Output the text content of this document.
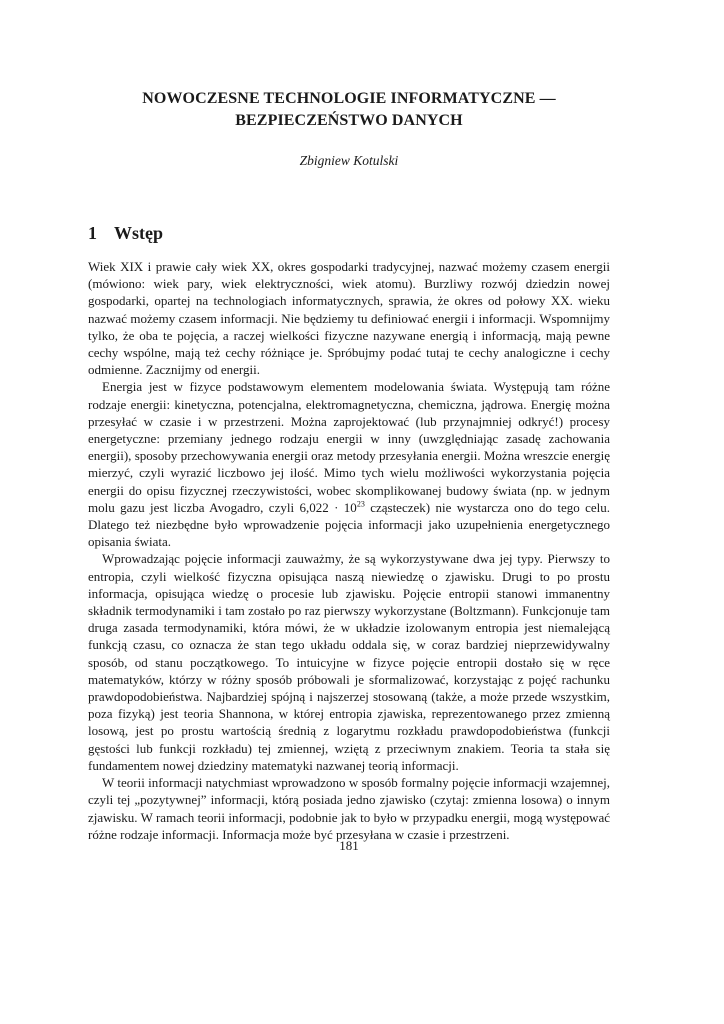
NOWOCZESNE TECHNOLOGIE INFORMATYCZNE —
BEZPIECZEŃSTWO DANYCH
Zbigniew Kotulski
1 Wstęp

Wiek XIX i prawie cały wiek XX, okres gospodarki tradycyjnej, nazwać możemy czasem energii (mówiono: wiek pary, wiek elektryczności, wiek atomu). Burzliwy rozwój dziedzin nowej gospodarki, opartej na technologiach informatycznych, sprawia, że okres od połowy XX. wieku nazwać możemy czasem informacji. Nie będziemy tu definiować energii i informacji. Wspomnijmy tylko, że oba te pojęcia, a raczej wielkości fizyczne nazywane energią i informacją, mają pewne cechy wspólne, mają też cechy różniące je. Spróbujmy podać tutaj te cechy analogiczne i cechy odmienne. Zacznijmy od energii.

Energia jest w fizyce podstawowym elementem modelowania świata. Występują tam różne rodzaje energii: kinetyczna, potencjalna, elektromagnetyczna, chemiczna, jądrowa. Energię można przesyłać w czasie i w przestrzeni. Można zaprojektować (lub przynajmniej odkryć!) procesy energetyczne: przemiany jednego rodzaju energii w inny (uwzględniając zasadę zachowania energii), sposoby przechowywania energii oraz metody przesyłania energii. Można wreszcie energię mierzyć, czyli wyrazić liczbowo jej ilość. Mimo tych wielu możliwości wykorzystania pojęcia energii do opisu fizycznej rzeczywistości, wobec skomplikowanej budowy świata (np. w jednym molu gazu jest liczba Avogadro, czyli $6,022 \cdot 10^{23}$ cząsteczek) nie wystarcza ono do tego celu. Dlatego też niezbędne było wprowadzenie pojęcia informacji jako uzupełnienia energetycznego opisania świata.

Wprowadzając pojęcie informacji zauważmy, że są wykorzystywane dwa jej typy. Pierwszy to entropia, czyli wielkość fizyczna opisująca naszą niewiedzę o zjawisku. Drugi to po prostu informacja, opisująca wiedzę o procesie lub zjawisku. Pojęcie entropii stanowi immanentny składnik termodynamiki i tam zostało po raz pierwszy wykorzystane (Boltzmann). Funkcjonuje tam druga zasada termodynamiki, która mówi, że w układzie izolowanym entropia jest niemalejącą funkcją czasu, co oznacza że stan tego układu oddala się, w coraz bardziej nieprzewidywalny sposób, od stanu początkowego. To intuicyjne w fizyce pojęcie entropii dostało się w ręce matematyków, którzy w różny sposób próbowali je sformalizować, korzystając z pojęć rachunku prawdopodobieństwa. Najbardziej spójną i najszerzej stosowaną (także, a może przede wszystkim, poza fizyką) jest teoria Shannona, w której entropia zjawiska, reprezentowanego przez zmienną losową, jest po prostu wartością średnią z logarytmu rozkładu prawdopodobieństwa (funkcji gęstości lub funkcji rozkładu) tej zmiennej, wziętą z przeciwnym znakiem. Teoria ta stała się fundamentem nowej dziedziny matematyki nazwanej teorią informacji.

W teorii informacji natychmiast wprowadzono w sposób formalny pojęcie informacji wzajemnej, czyli tej „pozytywnej” informacji, którą posiada jedno zjawisko (czytaj: zmienna losowa) o innym zjawisku. W ramach teorii informacji, podobnie jak to było w przypadku energii, mogą występować różne rodzaje informacji. Informacja może być przesyłana w czasie i przestrzeni.

181
